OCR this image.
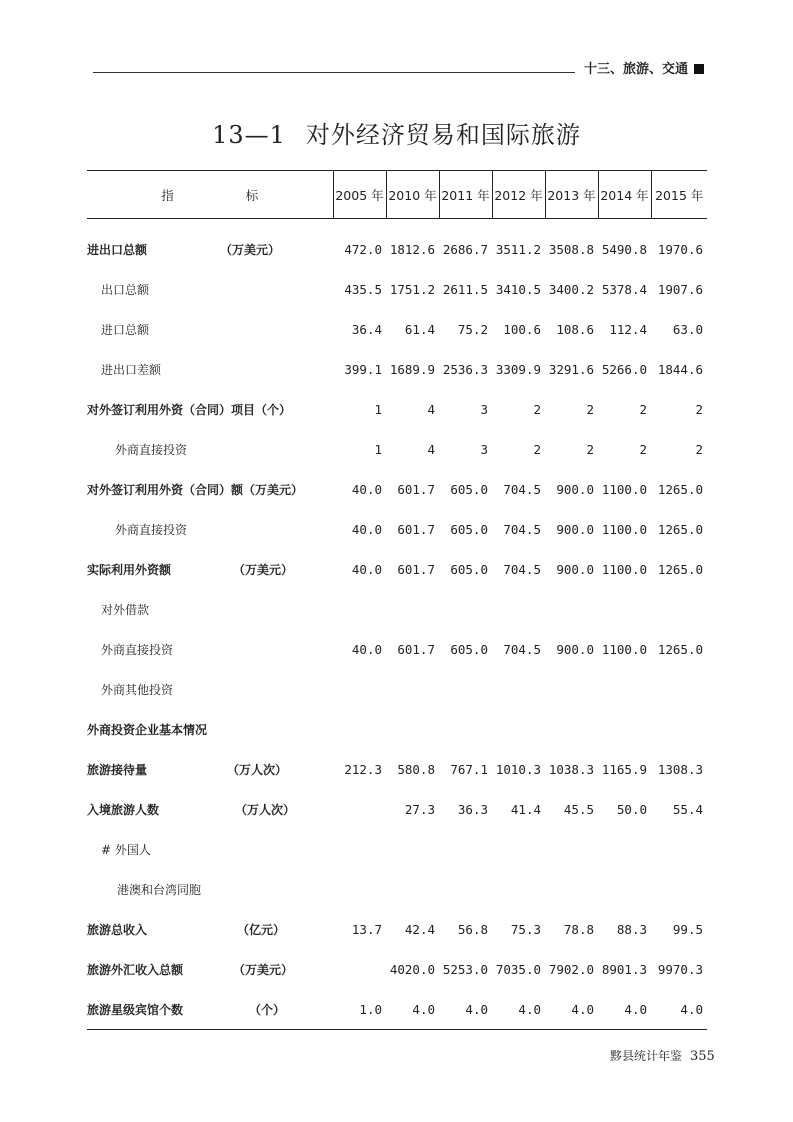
十三、旅游、交通
13—1 对外经济贸易和国际旅游
指 标	2005 年	2010 年	2011 年	2012 年	2013 年	2014 年	2015 年

进出口总额 （万美元）	472.0	1812.6	2686.7	3511.2	3508.8	5490.8	1970.6

出口总额	435.5	1751.2	2611.5	3410.5	3400.2	5378.4	1907.6

进口总额	36.4	61.4	75.2	100.6	108.6	112.4	63.0

进出口差额	399.1	1689.9	2536.3	3309.9	3291.6	5266.0	1844.6

对外签订利用外资（合同）项目（个）	1	4	3	2	2	2	2

外商直接投资	1	4	3	2	2	2	2

对外签订利用外资（合同）额（万美元）	40.0	601.7	605.0	704.5	900.0	1100.0	1265.0

外商直接投资	40.0	601.7	605.0	704.5	900.0	1100.0	1265.0

实际利用外资额 （万美元）	40.0	601.7	605.0	704.5	900.0	1100.0	1265.0

对外借款							

外商直接投资	40.0	601.7	605.0	704.5	900.0	1100.0	1265.0

外商其他投资							

外商投资企业基本情况							

旅游接待量 （万人次）	212.3	580.8	767.1	1010.3	1038.3	1165.9	1308.3

入境旅游人数 （万人次）		27.3	36.3	41.4	45.5	50.0	55.4

# 外国人							

港澳和台湾同胞							

旅游总收入 （亿元）	13.7	42.4	56.8	75.3	78.8	88.3	99.5

旅游外汇收入总额 （万美元）		4020.0	5253.0	7035.0	7902.0	8901.3	9970.3

旅游星级宾馆个数 （个）	1.0	4.0	4.0	4.0	4.0	4.0	4.0
黟县统计年鉴 355
